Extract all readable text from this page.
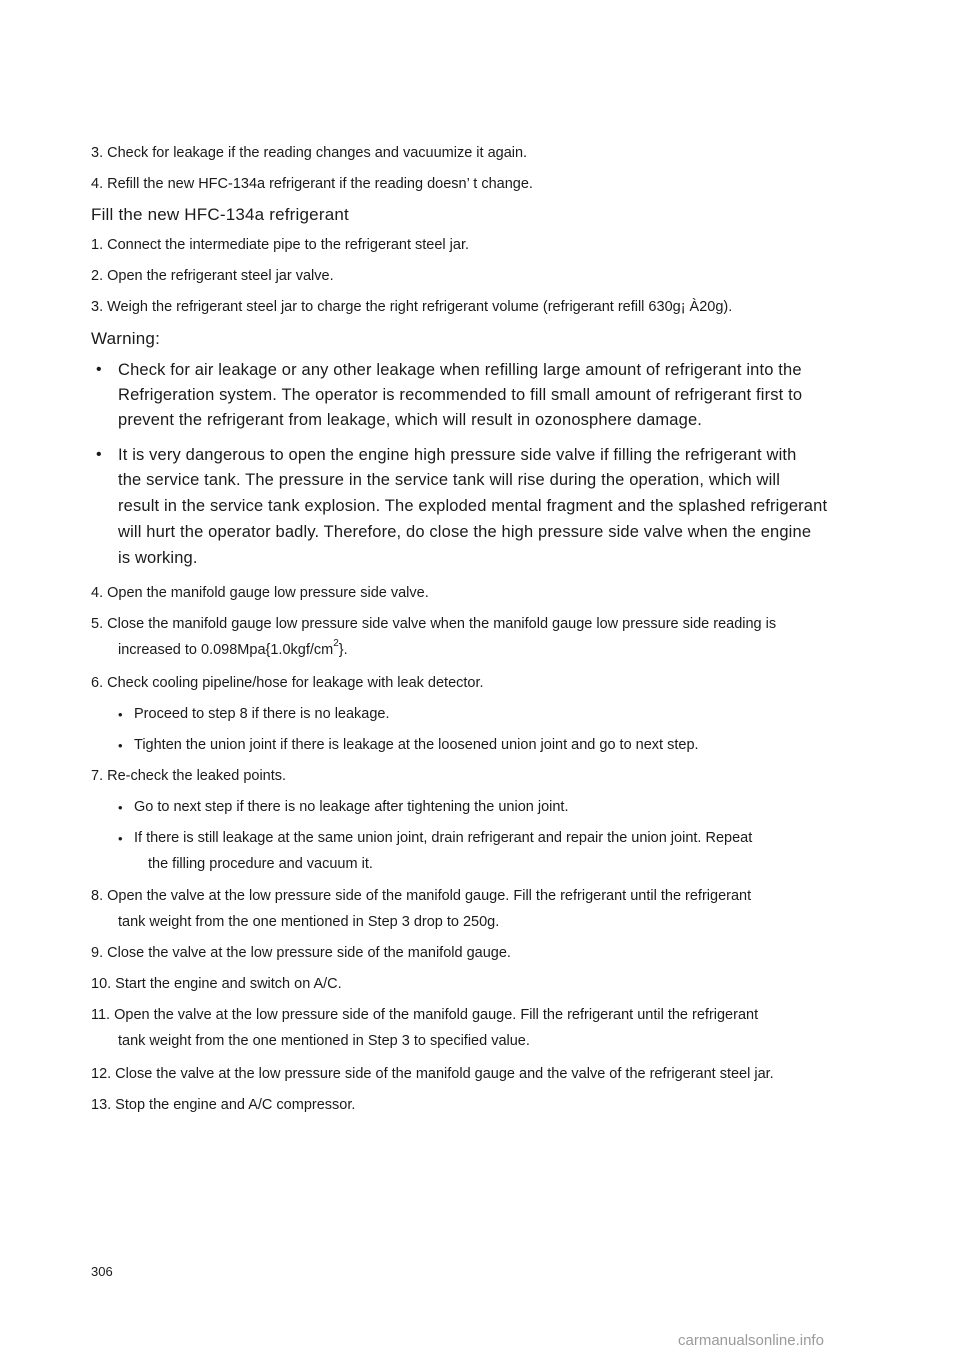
3. Check for leakage if the reading changes and vacuumize it again.
4. Refill the new HFC-134a refrigerant if the reading doesn’ t change.
Fill the new HFC-134a refrigerant
1. Connect the intermediate pipe to the refrigerant steel jar.
2. Open the refrigerant steel jar valve.
3. Weigh the refrigerant steel jar to charge the right refrigerant volume (refrigerant refill 630g¡ À20g).
Warning:
• Check for air leakage or any other leakage when refilling large amount of refrigerant into the
Refrigeration system. The operator is recommended to fill small amount of refrigerant first to
prevent the refrigerant from leakage, which will result in ozonosphere damage.
• It is very dangerous to open the engine high pressure side valve if filling the refrigerant with
the service tank. The pressure in the service tank will rise during the operation, which will
result in the service tank explosion. The exploded mental fragment and the splashed refrigerant
will hurt the operator badly. Therefore, do close the high pressure side valve when the engine
is working.
4. Open the manifold gauge low pressure side valve.
5. Close the manifold gauge low pressure side valve when the manifold gauge low pressure side reading is
increased to $0.098Mpa\{1.0kgf/cm^2\}$.
6. Check cooling pipeline/hose for leakage with leak detector.
• Proceed to step 8 if there is no leakage.
• Tighten the union joint if there is leakage at the loosened union joint and go to next step.
7. Re-check the leaked points.
• Go to next step if there is no leakage after tightening the union joint.
• If there is still leakage at the same union joint, drain refrigerant and repair the union joint. Repeat
the filling procedure and vacuum it.
8. Open the valve at the low pressure side of the manifold gauge. Fill the refrigerant until the refrigerant
tank weight from the one mentioned in Step 3 drop to 250g.
9. Close the valve at the low pressure side of the manifold gauge.
10. Start the engine and switch on A/C.
11. Open the valve at the low pressure side of the manifold gauge. Fill the refrigerant until the refrigerant
tank weight from the one mentioned in Step 3 to specified value.
12. Close the valve at the low pressure side of the manifold gauge and the valve of the refrigerant steel jar.
13. Stop the engine and A/C compressor.
306
carmanualsonline.info
